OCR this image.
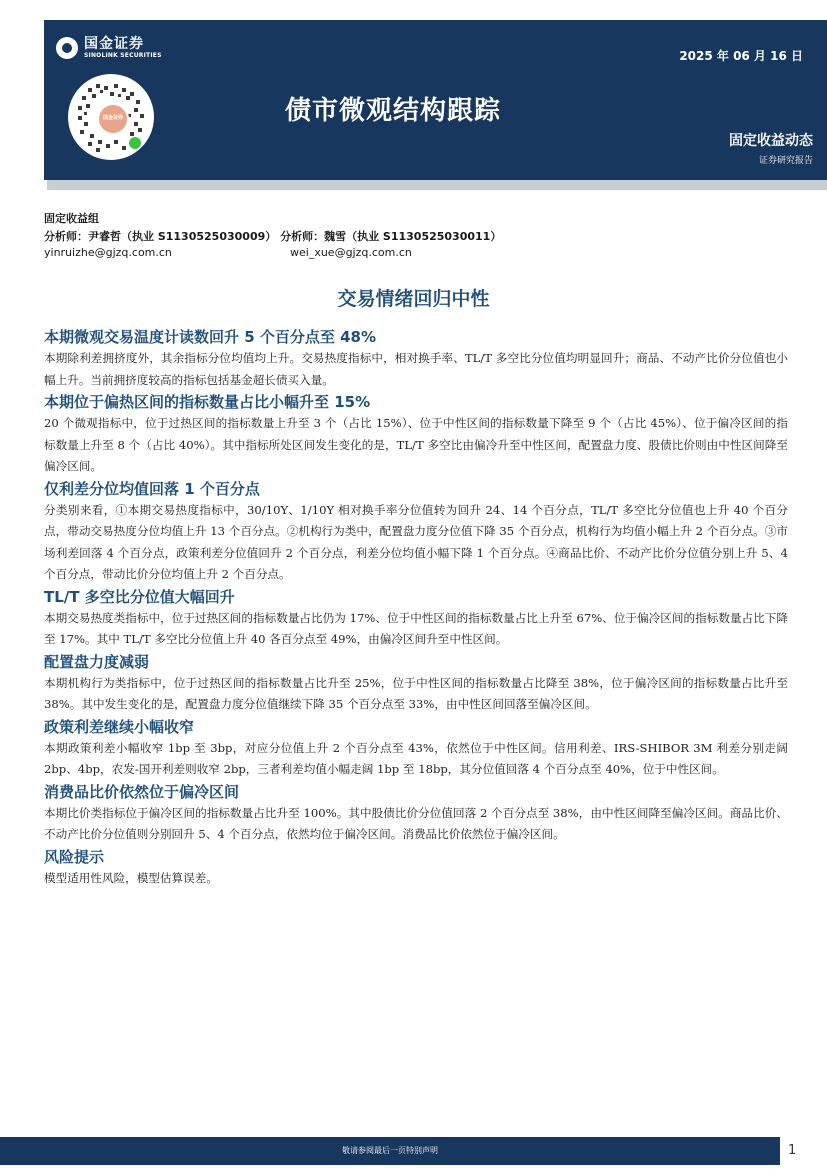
国金证券
SINOLINK SECURITIES
国金证券
2025 年 06 月 16 日
债市微观结构跟踪
固定收益动态
证券研究报告
固定收益组
分析师：尹睿哲（执业 S1130525030009） 分析师：魏雪（执业 S1130525030011）
yinruizhe@gjzq.com.cn	wei_xue@gjzq.com.cn
交易情绪回归中性
本期微观交易温度计读数回升 5 个百分点至 48%

本期除利差拥挤度外，其余指标分位均值均上升。交易热度指标中，相对换手率、TL/T 多空比分位值均明显回升；商品、不动产比价分位值也小幅上升。当前拥挤度较高的指标包括基金超长债买入量。

本期位于偏热区间的指标数量占比小幅升至 15%

20 个微观指标中，位于过热区间的指标数量上升至 3 个（占比 15%）、位于中性区间的指标数量下降至 9 个（占比 45%）、位于偏冷区间的指标数量上升至 8 个（占比 40%）。其中指标所处区间发生变化的是，TL/T 多空比由偏冷升至中性区间，配置盘力度、股债比价则由中性区间降至偏冷区间。

仅利差分位均值回落 1 个百分点

分类别来看，①本期交易热度指标中，30/10Y、1/10Y 相对换手率分位值转为回升 24、14 个百分点，TL/T 多空比分位值也上升 40 个百分点，带动交易热度分位均值上升 13 个百分点。②机构行为类中，配置盘力度分位值下降 35 个百分点，机构行为均值小幅上升 2 个百分点。③市场利差回落 4 个百分点，政策利差分位值回升 2 个百分点，利差分位均值小幅下降 1 个百分点。④商品比价、不动产比价分位值分别上升 5、4 个百分点，带动比价分位均值上升 2 个百分点。

TL/T 多空比分位值大幅回升

本期交易热度类指标中，位于过热区间的指标数量占比仍为 17%、位于中性区间的指标数量占比上升至 67%、位于偏冷区间的指标数量占比下降至 17%。其中 TL/T 多空比分位值上升 40 各百分点至 49%，由偏冷区间升至中性区间。

配置盘力度减弱

本期机构行为类指标中，位于过热区间的指标数量占比升至 25%，位于中性区间的指标数量占比降至 38%，位于偏冷区间的指标数量占比升至 38%。其中发生变化的是，配置盘力度分位值继续下降 35 个百分点至 33%，由中性区间回落至偏冷区间。

政策利差继续小幅收窄

本期政策利差小幅收窄 1bp 至 3bp，对应分位值上升 2 个百分点至 43%，依然位于中性区间。信用利差、IRS-SHIBOR 3M 利差分别走阔 2bp、4bp，农发-国开利差则收窄 2bp，三者利差均值小幅走阔 1bp 至 18bp，其分位值回落 4 个百分点至 40%，位于中性区间。

消费品比价依然位于偏冷区间

本期比价类指标位于偏冷区间的指标数量占比升至 100%。其中股债比价分位值回落 2 个百分点至 38%，由中性区间降至偏冷区间。商品比价、不动产比价分位值则分别回升 5、4 个百分点，依然均位于偏冷区间。消费品比价依然位于偏冷区间。

风险提示

模型适用性风险，模型估算误差。

敬请参阅最后一页特别声明	1
